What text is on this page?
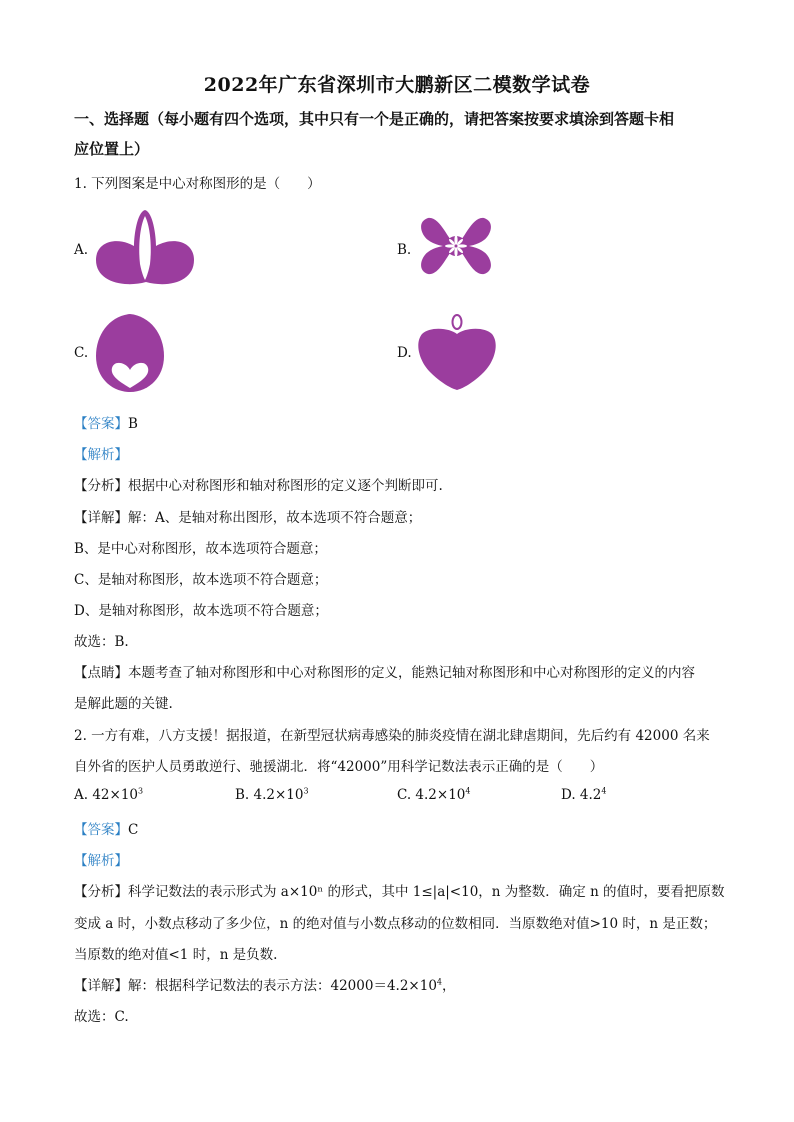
2022年广东省深圳市大鹏新区二模数学试卷
一、选择题（每小题有四个选项，其中只有一个是正确的，请把答案按要求填涂到答题卡相
应位置上）
1. 下列图案是中心对称图形的是（　　）
A.	B.
C.	D.
【答案】B
【解析】
【分析】根据中心对称图形和轴对称图形的定义逐个判断即可.
【详解】解：A、是轴对称出图形，故本选项不符合题意；
B、是中心对称图形，故本选项符合题意；
C、是轴对称图形，故本选项不符合题意；
D、是轴对称图形，故本选项不符合题意；
故选：B.
【点睛】本题考查了轴对称图形和中心对称图形的定义，能熟记轴对称图形和中心对称图形的定义的内容
是解此题的关键.
2. 一方有难，八方支援！据报道，在新型冠状病毒感染的肺炎疫情在湖北肆虐期间，先后约有 42000 名来
自外省的医护人员勇敢逆行、驰援湖北．将“42000”用科学记数法表示正确的是（　　）
A. $42\times 10^3$	B. $4.2\times 10^3$	C. $4.2\times 10^4$	D. $4.2^4$
【答案】C
【解析】
【分析】科学记数法的表示形式为 a×10ⁿ 的形式，其中 1≤|a|<10，n 为整数．确定 n 的值时，要看把原数
变成 a 时，小数点移动了多少位，n 的绝对值与小数点移动的位数相同．当原数绝对值>10 时，n 是正数；
当原数的绝对值<1 时，n 是负数.
【详解】解：根据科学记数法的表示方法：$42000=4.2\times 10^4$，
故选：C.
